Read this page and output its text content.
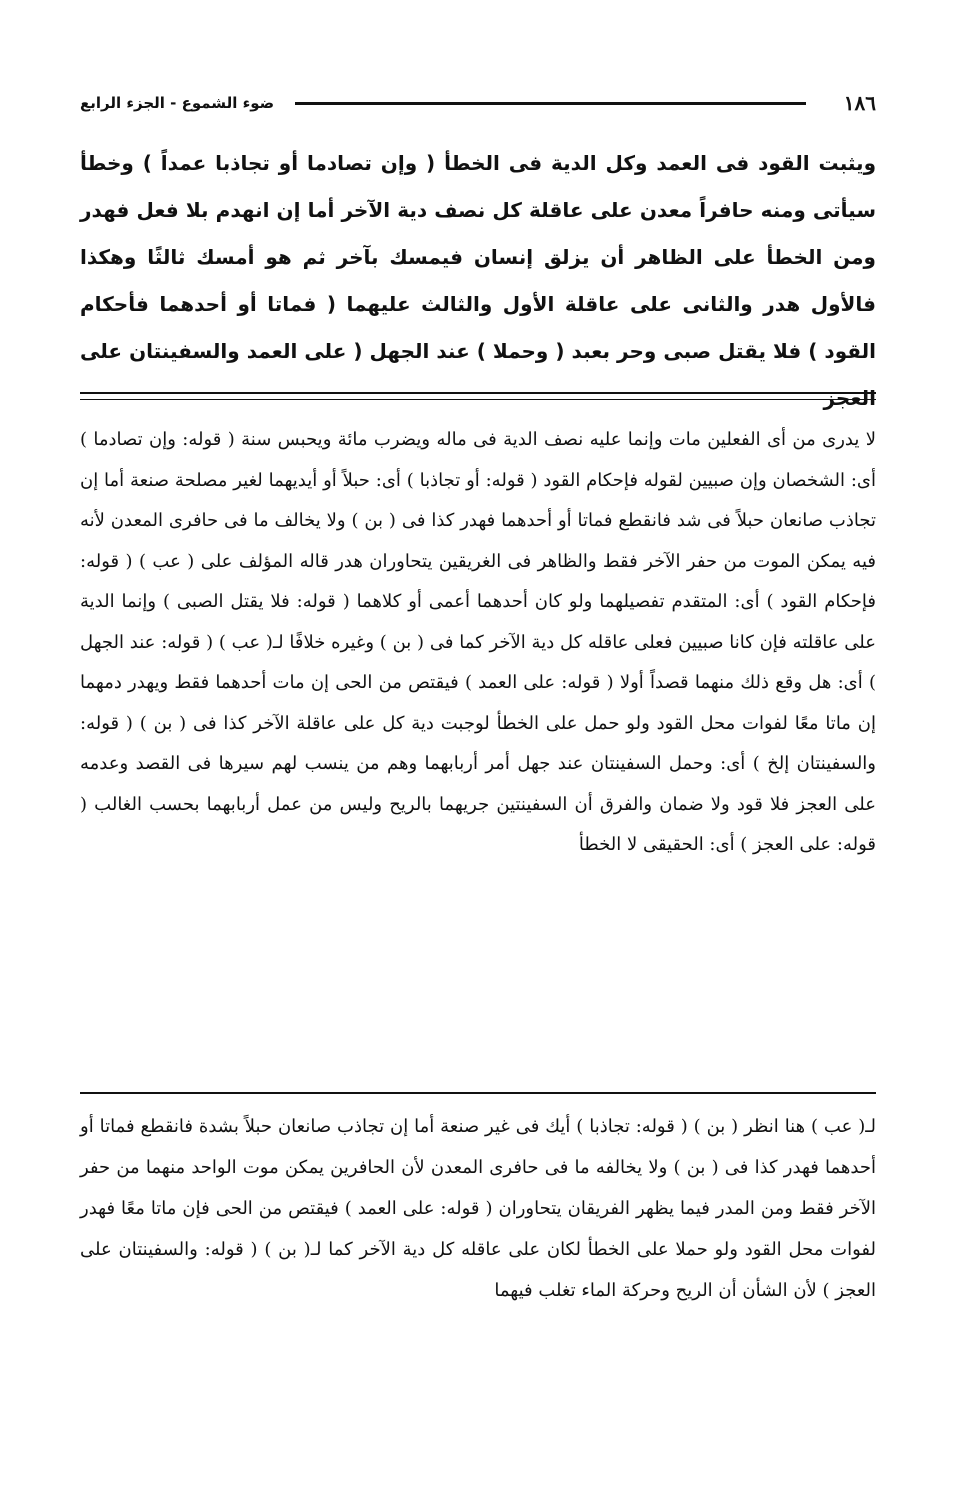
١٨٦
ضوء الشموع - الجزء الرابع

ويثبت القود فى العمد وكل الدية فى الخطأ ( وإن تصادما أو تجاذبا عمداً ) وخطأ سيأتى ومنه حافراً معدن على عاقلة كل نصف دية الآخر أما إن انهدم بلا فعل فهدر ومن الخطأ على الظاهر أن يزلق إنسان فيمسك بآخر ثم هو أمسك ثالثًا وهكذا فالأول هدر والثانى على عاقلة الأول والثالث عليهما ( فماتا أو أحدهما فأحكام القود ) فلا يقتل صبى وحر بعبد ( وحملا ) عند الجهل ( على العمد والسفينتان على العجز

لا يدرى من أى الفعلين مات وإنما عليه نصف الدية فى ماله ويضرب مائة ويحبس سنة ( قوله: وإن تصادما ) أى: الشخصان وإن صبيين لقوله فإحكام القود ( قوله: أو تجاذبا ) أى: حبلاً أو أيديهما لغير مصلحة صنعة أما إن تجاذب صانعان حبلاً فى شد فانقطع فماتا أو أحدهما فهدر كذا فى ( بن ) ولا يخالف ما فى حافرى المعدن لأنه فيه يمكن الموت من حفر الآخر فقط والظاهر فى الغريقين يتحاوران هدر قاله المؤلف على ( عب ) ( قوله: فإحكام القود ) أى: المتقدم تفصيلهما ولو كان أحدهما أعمى أو كلاهما ( قوله: فلا يقتل الصبى ) وإنما الدية على عاقلته فإن كانا صبيين فعلى عاقله كل دية الآخر كما فى ( بن ) وغيره خلافًا لـ( عب ) ( قوله: عند الجهل ) أى: هل وقع ذلك منهما قصداً أولا ( قوله: على العمد ) فيقتص من الحى إن مات أحدهما فقط ويهدر دمهما إن ماتا معًا لفوات محل القود ولو حمل على الخطأ لوجبت دية كل على عاقلة الآخر كذا فى ( بن ) ( قوله: والسفينتان إلخ ) أى: وحمل السفينتان عند جهل أمر أربابهما وهم من ينسب لهم سيرها فى القصد وعدمه على العجز فلا قود ولا ضمان والفرق أن السفينتين جريهما بالريح وليس من عمل أربابهما بحسب الغالب ( قوله: على العجز ) أى: الحقيقى لا الخطأ

لـ( عب ) هنا انظر ( بن ) ( قوله: تجاذبا ) أيك فى غير صنعة أما إن تجاذب صانعان حبلاً بشدة فانقطع فماتا أو أحدهما فهدر كذا فى ( بن ) ولا يخالفه ما فى حافرى المعدن لأن الحافرين يمكن موت الواحد منهما من حفر الآخر فقط ومن المدر فيما يظهر الفريقان يتحاوران ( قوله: على العمد ) فيقتص من الحى فإن ماتا معًا فهدر لفوات محل القود ولو حملا على الخطأ لكان على عاقله كل دية الآخر كما لـ( بن ) ( قوله: والسفينتان على العجز ) لأن الشأن أن الريح وحركة الماء تغلب فيهما
